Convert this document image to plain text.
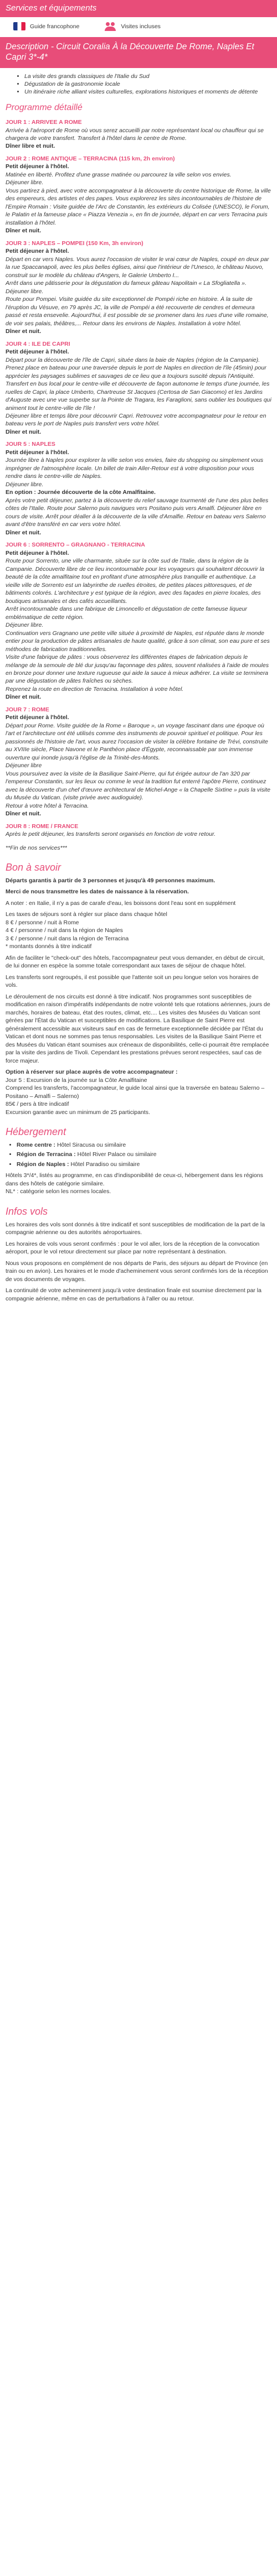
Services et équipements
Guide francophone	Visites incluses
Description - Circuit Coralia À la Découverte De Rome, Naples Et Capri 3*-4*
• La visite des grands classiques de l'Italie du Sud
• Dégustation de la gastronomie locale
• Un itinéraire riche alliant visites culturelles, explorations historiques et moments de détente
Programme détaillé
JOUR 1 : ARRIVEE A ROME

Arrivée à l'aéroport de Rome où vous serez accueilli par notre représentant local ou chauffeur qui se chargera de votre transfert. Transfert à l'hôtel dans le centre de Rome.

Dîner libre et nuit.

JOUR 2 : ROME ANTIQUE – TERRACINA (115 km, 2h environ)

Petit déjeuner à l'hôtel.

Matinée en liberté. Profitez d'une grasse matinée ou parcourez la ville selon vos envies.

Déjeuner libre.

Vous partirez à pied, avec votre accompagnateur à la découverte du centre historique de Rome, la ville des empereurs, des artistes et des papes. Vous explorerez les sites incontournables de l'histoire de l'Empire Romain : Visite guidée de l'Arc de Constantin, les extérieurs du Colisée (UNESCO), le Forum, le Palatin et la fameuse place « Piazza Venezia », en fin de journée, départ en car vers Terracina puis installation à l'hôtel.

Dîner et nuit.

JOUR 3 : NAPLES – POMPEI (150 Km, 3h environ)

Petit déjeuner à l'hôtel.

Départ en car vers Naples. Vous aurez l'occasion de visiter le vrai cœur de Naples, coupé en deux par la rue Spaccanapoli, avec les plus belles églises, ainsi que l'intérieur de l'Unesco, le château Nuovo, construit sur le modèle du château d'Angers, le Galerie Umberto I...

Arrêt dans une pâtisserie pour la dégustation du fameux gâteau Napolitain « La Sfogliatella ».

Déjeuner libre.

Route pour Pompei. Visite guidée du site exceptionnel de Pompéi riche en histoire. À la suite de l'éruption du Vésuve, en 79 après JC, la ville de Pompéi a été recouverte de cendres et demeura passé et resta ensevelie. Aujourd'hui, il est possible de se promener dans les rues d'une ville romaine, de voir ses palais, théâtres,... Retour dans les environs de Naples. Installation à votre hôtel.

Dîner et nuit.

JOUR 4 : ILE DE CAPRI

Petit déjeuner à l'hôtel.

Départ pour la découverte de l'île de Capri, située dans la baie de Naples (région de la Campanie). Prenez place en bateau pour une traversée depuis le port de Naples en direction de l'île (45min) pour apprécier les paysages sublimes et sauvages de ce lieu que a toujours suscité depuis l'Antiquité. Transfert en bus local pour le centre-ville et découverte de façon autonome le temps d'une journée, les ruelles de Capri, la place Umberto, Chartreuse St Jacques (Certosa de San Giacomo) et les Jardins d'Auguste avec une vue superbe sur la Pointe de Tragara, les Faraglioni, sans oublier les boutiques qui animent tout le centre-ville de l'île !

Déjeuner libre et temps libre pour découvrir Capri. Retrouvez votre accompagnateur pour le retour en bateau vers le port de Naples puis transfert vers votre hôtel.

Dîner et nuit.

JOUR 5 : NAPLES

Petit déjeuner à l'hôtel.

Journée libre à Naples pour explorer la ville selon vos envies, faire du shopping ou simplement vous imprégner de l'atmosphère locale. Un billet de train Aller-Retour est à votre disposition pour vous rendre dans le centre-ville de Naples.

Déjeuner libre.

En option : Journée découverte de la côte Amalfitaine.

Après votre petit déjeuner, partez à la découverte du relief sauvage tourmenté de l'une des plus belles côtes de l'Italie. Route pour Salerno puis navigues vers Positano puis vers Amalfi. Déjeuner libre en cours de visite. Arrêt pour déaller à la découverte de la ville d'Amalfie. Retour en bateau vers Salerno avant d'être transféré en car vers votre hôtel.

Dîner et nuit.

JOUR 6 : SORRENTO – GRAGNANO - TERRACINA

Petit déjeuner à l'hôtel.

Route pour Sorrento, une ville charmante, située sur la côte sud de l'Italie, dans la région de la Campanie. Découverte libre de ce lieu incontournable pour les voyageurs qui souhaitent découvrir la beauté de la côte amalfitaine tout en profitant d'une atmosphère plus tranquille et authentique. La vieille ville de Sorrento est un labyrinthe de ruelles étroites, de petites places pittoresques, et de bâtiments colorés. L'architecture y est typique de la région, avec des façades en pierre locales, des boutiques artisanales et des cafés accueillants.

Arrêt incontournable dans une fabrique de Limoncello et dégustation de cette fameuse liqueur emblématique de cette région.

Déjeuner libre.

Continuation vers Gragnano une petite ville située à proximité de Naples, est réputée dans le monde entier pour la production de pâtes artisanales de haute qualité, grâce à son climat, son eau pure et ses méthodes de fabrication traditionnelles.

Visite d'une fabrique de pâtes : vous observerez les différentes étapes de fabrication depuis le mélange de la semoule de blé dur jusqu'au façonnage des pâtes, souvent réalisées à l'aide de moules en bronze pour donner une texture rugueuse qui aide la sauce à mieux adhérer. La visite se terminera par une dégustation de pâtes fraîches ou sèches.

Reprenez la route en direction de Terracina. Installation à votre hôtel.

Dîner et nuit.

JOUR 7 : ROME

Petit déjeuner à l'hôtel.

Départ pour Rome. Visite guidée de la Rome « Baroque », un voyage fascinant dans une époque où l'art et l'architecture ont été utilisés comme des instruments de pouvoir spirituel et politique. Pour les passionnés de l'histoire de l'art, vous aurez l'occasion de visiter la célèbre fontaine de Trévi, construite au XVIIIe siècle, Place Navone et le Panthéon place d'Égypte, reconnaissable par son immense ouverture qui inonde jusqu'à l'église de la Trinité-des-Monts.

Déjeuner libre

Vous poursuivez avec la visite de la Basilique Saint-Pierre, qui fut érigée autour de l'an 320 par l'empereur Constantin, sur les lieux ou comme le veut la tradition fut enterré l'apôtre Pierre, continuez avec la découverte d'un chef d'œuvre architectural de Michel-Ange « la Chapelle Sixtine » puis la visite du Musée du Vatican. (visite privée avec audioguide).

Retour à votre hôtel à Terracina.

Dîner et nuit.

JOUR 8 : ROME / FRANCE

Après le petit déjeuner, les transferts seront organisés en fonction de votre retour.

**Fin de nos services***

Bon à savoir

Départs garantis à partir de 3 personnes et jusqu'à 49 personnes maximum.

Merci de nous transmettre les dates de naissance à la réservation.

A noter : en Italie, il n'y a pas de carafe d'eau, les boissons dont l'eau sont en supplément

Les taxes de séjours sont à régler sur place dans chaque hôtel

8 € / personne / nuit à Rome

4 € / personne / nuit dans la région de Naples

3 € / personne / nuit dans la région de Terracina

* montants donnés à titre indicatif

Afin de faciliter le "check-out" des hôtels, l'accompagnateur peut vous demander, en début de circuit, de lui donner en espèce la somme totale correspondant aux taxes de séjour de chaque hôtel.

Les transferts sont regroupés, il est possible que l'attente soit un peu longue selon vos horaires de vols.

Le déroulement de nos circuits est donné à titre indicatif. Nos programmes sont susceptibles de modification en raison d'impératifs indépendants de notre volonté tels que rotations aériennes, jours de marchés, horaires de bateau, état des routes, climat, etc.... Les visites des Musées du Vatican sont gérées par l'État du Vatican et susceptibles de modifications. La Basilique de Saint Pierre est généralement accessible aux visiteurs sauf en cas de fermeture exceptionnelle décidée par l'État du Vatican et dont nous ne sommes pas tenus responsables. Les visites de la Basilique Saint Pierre et des Musées du Vatican étant soumises aux créneaux de disponibilités, celle-ci pourrait être remplacée par la visite des jardins de Tivoli. Cependant les prestations prévues seront respectées, sauf cas de force majeur.

Option à réserver sur place auprès de votre accompagnateur :

Jour 5 : Excursion de la journée sur la Côte Amalfitaine

Comprend les transferts, l'accompagnateur, le guide local ainsi que la traversée en bateau Salerno – Positano – Amalfi – Salerno)

85€ / pers à titre indicatif

Excursion garantie avec un minimum de 25 participants.

Hébergement
• Rome centre : Hôtel Siracusa ou similaire
• Région de Terracina : Hôtel River Palace ou similaire
• Région de Naples : Hôtel Paradiso ou similaire

Hôtels 3*/4*, listés au programme, en cas d'indisponibilité de ceux-ci, hébergement dans les régions dans des hôtels de catégorie similaire.

NL* : catégorie selon les normes locales.

Infos vols

Les horaires des vols sont donnés à titre indicatif et sont susceptibles de modification de la part de la compagnie aérienne ou des autorités aéroportuaires.

Les horaires de vols vous seront confirmés : pour le vol aller, lors de la réception de la convocation aéroport, pour le vol retour directement sur place par notre représentant à destination.

Nous vous proposons en complément de nos départs de Paris, des séjours au départ de Province (en train ou en avion). Les horaires et le mode d'acheminement vous seront confirmés lors de la réception de vos documents de voyages.

La continuité de votre acheminement jusqu'à votre destination finale est soumise directement par la compagnie aérienne, même en cas de perturbations à l'aller ou au retour.
